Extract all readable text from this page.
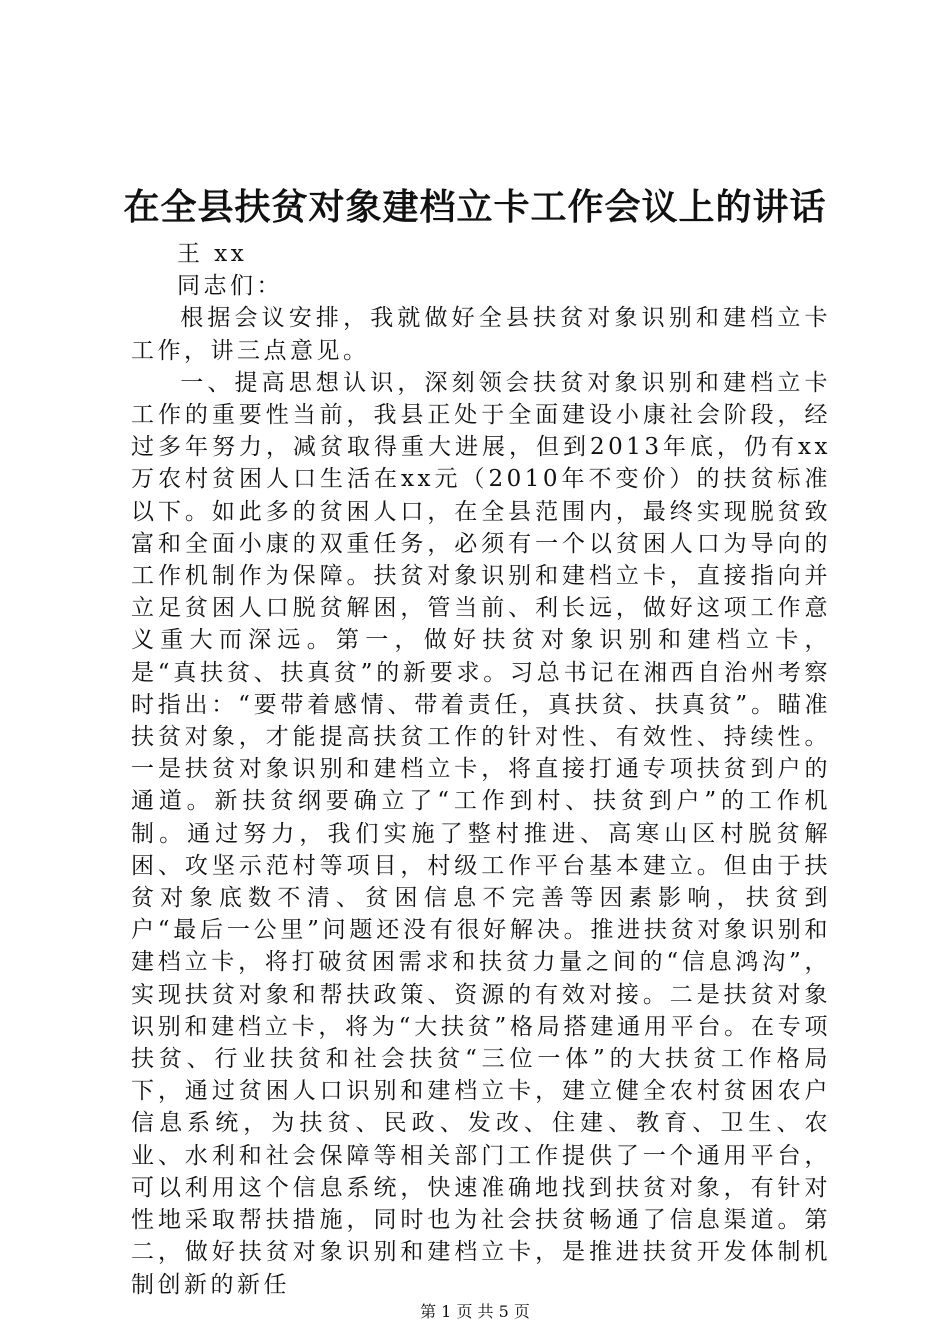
在全县扶贫对象建档立卡工作会议上的讲话

王 xx

同志们：

根据会议安排，我就做好全县扶贫对象识别和建档立卡工作，讲三点意见。

一、提高思想认识，深刻领会扶贫对象识别和建档立卡工作的重要性当前，我县正处于全面建设小康社会阶段，经过多年努力，减贫取得重大进展，但到2013年底，仍有xx万农村贫困人口生活在xx元（2010年不变价）的扶贫标准以下。如此多的贫困人口，在全县范围内，最终实现脱贫致富和全面小康的双重任务，必须有一个以贫困人口为导向的工作机制作为保障。扶贫对象识别和建档立卡，直接指向并立足贫困人口脱贫解困，管当前、利长远，做好这项工作意义重大而深远。第一，做好扶贫对象识别和建档立卡，是“真扶贫、扶真贫”的新要求。习总书记在湘西自治州考察时指出：“要带着感情、带着责任，真扶贫、扶真贫”。瞄准扶贫对象，才能提高扶贫工作的针对性、有效性、持续性。一是扶贫对象识别和建档立卡，将直接打通专项扶贫到户的通道。新扶贫纲要确立了“工作到村、扶贫到户”的工作机制。通过努力，我们实施了整村推进、高寒山区村脱贫解困、攻坚示范村等项目，村级工作平台基本建立。但由于扶贫对象底数不清、贫困信息不完善等因素影响，扶贫到户“最后一公里”问题还没有很好解决。推进扶贫对象识别和建档立卡，将打破贫困需求和扶贫力量之间的“信息鸿沟”，实现扶贫对象和帮扶政策、资源的有效对接。二是扶贫对象识别和建档立卡，将为“大扶贫”格局搭建通用平台。在专项扶贫、行业扶贫和社会扶贫“三位一体”的大扶贫工作格局下，通过贫困人口识别和建档立卡，建立健全农村贫困农户信息系统，为扶贫、民政、发改、住建、教育、卫生、农业、水利和社会保障等相关部门工作提供了一个通用平台，可以利用这个信息系统，快速准确地找到扶贫对象，有针对性地采取帮扶措施，同时也为社会扶贫畅通了信息渠道。第二，做好扶贫对象识别和建档立卡，是推进扶贫开发体制机制创新的新任

第 1 页 共 5 页
